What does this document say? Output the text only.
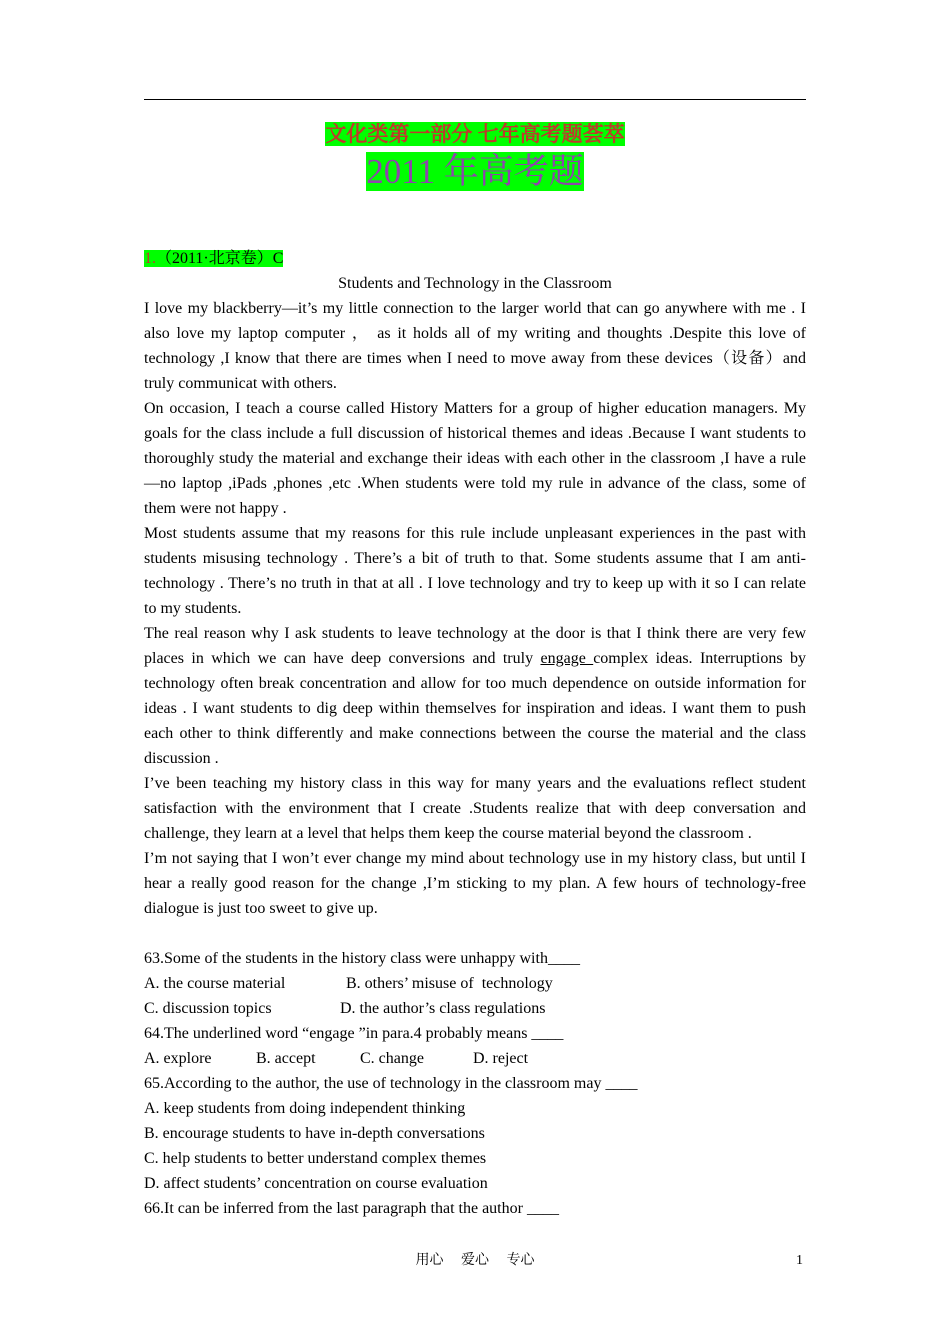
文化类第一部分 七年高考题荟萃
2011 年高考题

1.（2011·北京卷）C

Students and Technology in the Classroom

I love my blackberry—it’s my little connection to the larger world that can go anywhere with me . I also love my laptop computer ， as it holds all of my writing and thoughts .Despite this love of technology ,I know that there are times when I need to move away from these devices（设备）and truly communicat with others.

On occasion, I teach a course called History Matters for a group of higher education managers. My goals for the class include a full discussion of historical themes and ideas .Because I want students to thoroughly study the material and exchange their ideas with each other in the classroom ,I have a rule —no laptop ,iPads ,phones ,etc .When students were told my rule in advance of the class, some of them were not happy .

Most students assume that my reasons for this rule include unpleasant experiences in the past with students misusing technology . There’s a bit of truth to that. Some students assume that I am anti-technology . There’s no truth in that at all . I love technology and try to keep up with it so I can relate to my students.

The real reason why I ask students to leave technology at the door is that I think there are very few places in which we can have deep conversions and truly engage complex ideas. Interruptions by technology often break concentration and allow for too much dependence on outside information for ideas . I want students to dig deep within themselves for inspiration and ideas. I want them to push each other to think differently and make connections between the course the material and the class discussion .

I’ve been teaching my history class in this way for many years and the evaluations reflect student satisfaction with the environment that I create .Students realize that with deep conversation and challenge, they learn at a level that helps them keep the course material beyond the classroom .

I’m not saying that I won’t ever change my mind about technology use in my history class, but until I hear a really good reason for the change ,I’m sticking to my plan. A few hours of technology-free dialogue is just too sweet to give up.

63.Some of the students in the history class were unhappy with____

A. the course material	B. others’ misuse of  technology

C. discussion topics	D. the author’s class regulations

64.The underlined word “engage ”in para.4 probably means ____

A. explore	B. accept	C. change	D. reject

65.According to the author, the use of technology in the classroom may ____

A. keep students from doing independent thinking

B. encourage students to have in-depth conversations

C. help students to better understand complex themes

D. affect students’ concentration on course evaluation

66.It can be inferred from the last paragraph that the author ____

用心 爱心 专心	1
